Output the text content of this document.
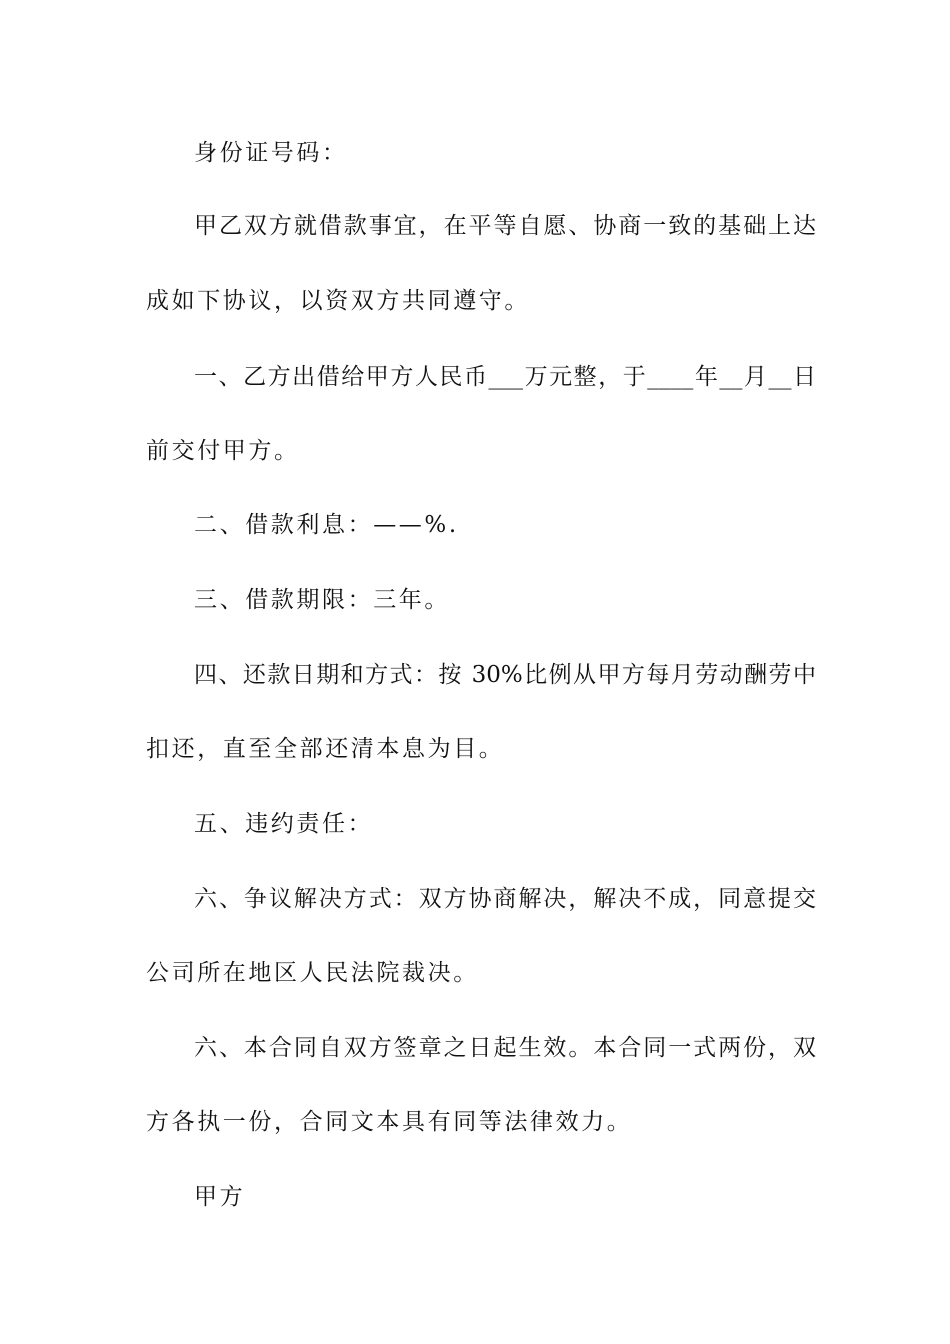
身份证号码：
甲乙双方就借款事宜，在平等自愿、协商一致的基础上达
成如下协议，以资双方共同遵守。
一、乙方出借给甲方人民币___万元整，于____年__月__日
前交付甲方。
二、借款利息：——%.
三、借款期限：三年。
四、还款日期和方式：按 30%比例从甲方每月劳动酬劳中
扣还，直至全部还清本息为目。
五、违约责任：
六、争议解决方式：双方协商解决，解决不成，同意提交
公司所在地区人民法院裁决。
六、本合同自双方签章之日起生效。本合同一式两份，双
方各执一份，合同文本具有同等法律效力。
甲方
